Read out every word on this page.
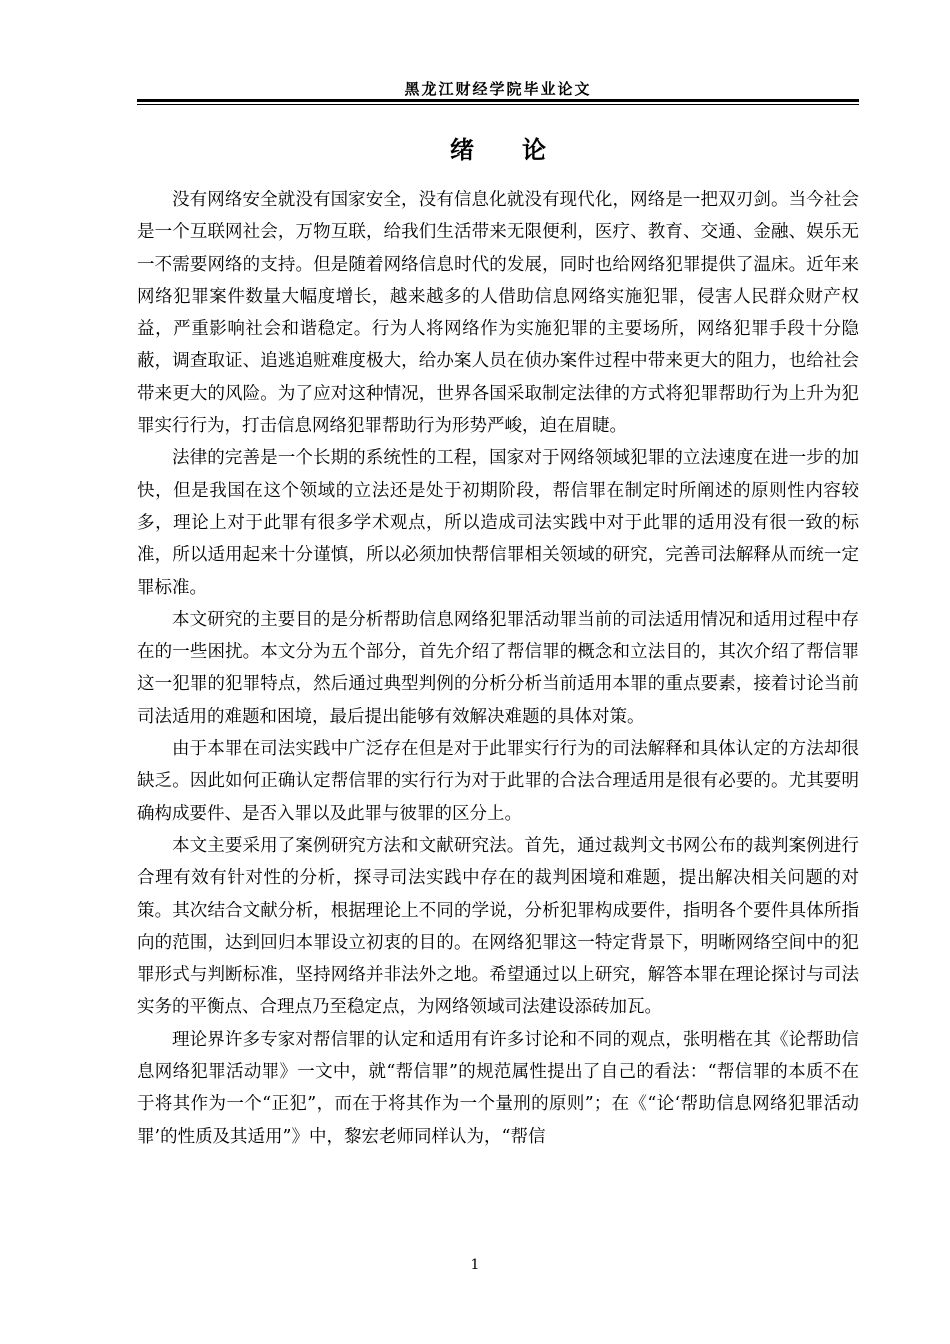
黑龙江财经学院毕业论文
绪　　论

没有网络安全就没有国家安全，没有信息化就没有现代化，网络是一把双刃剑。当今社会是一个互联网社会，万物互联，给我们生活带来无限便利，医疗、教育、交通、金融、娱乐无一不需要网络的支持。但是随着网络信息时代的发展，同时也给网络犯罪提供了温床。近年来网络犯罪案件数量大幅度增长，越来越多的人借助信息网络实施犯罪，侵害人民群众财产权益，严重影响社会和谐稳定。行为人将网络作为实施犯罪的主要场所，网络犯罪手段十分隐蔽，调查取证、追逃追赃难度极大，给办案人员在侦办案件过程中带来更大的阻力，也给社会带来更大的风险。为了应对这种情况，世界各国采取制定法律的方式将犯罪帮助行为上升为犯罪实行行为，打击信息网络犯罪帮助行为形势严峻，迫在眉睫。

法律的完善是一个长期的系统性的工程，国家对于网络领域犯罪的立法速度在进一步的加快，但是我国在这个领域的立法还是处于初期阶段，帮信罪在制定时所阐述的原则性内容较多，理论上对于此罪有很多学术观点，所以造成司法实践中对于此罪的适用没有很一致的标准，所以适用起来十分谨慎，所以必须加快帮信罪相关领域的研究，完善司法解释从而统一定罪标准。

本文研究的主要目的是分析帮助信息网络犯罪活动罪当前的司法适用情况和适用过程中存在的一些困扰。本文分为五个部分，首先介绍了帮信罪的概念和立法目的，其次介绍了帮信罪这一犯罪的犯罪特点，然后通过典型判例的分析分析当前适用本罪的重点要素，接着讨论当前司法适用的难题和困境，最后提出能够有效解决难题的具体对策。

由于本罪在司法实践中广泛存在但是对于此罪实行行为的司法解释和具体认定的方法却很缺乏。因此如何正确认定帮信罪的实行行为对于此罪的合法合理适用是很有必要的。尤其要明确构成要件、是否入罪以及此罪与彼罪的区分上。

本文主要采用了案例研究方法和文献研究法。首先，通过裁判文书网公布的裁判案例进行合理有效有针对性的分析，探寻司法实践中存在的裁判困境和难题，提出解决相关问题的对策。其次结合文献分析，根据理论上不同的学说，分析犯罪构成要件，指明各个要件具体所指向的范围，达到回归本罪设立初衷的目的。在网络犯罪这一特定背景下，明晰网络空间中的犯罪形式与判断标准，坚持网络并非法外之地。希望通过以上研究，解答本罪在理论探讨与司法实务的平衡点、合理点乃至稳定点，为网络领域司法建设添砖加瓦。

理论界许多专家对帮信罪的认定和适用有许多讨论和不同的观点，张明楷在其《论帮助信息网络犯罪活动罪》一文中，就“帮信罪”的规范属性提出了自己的看法：“帮信罪的本质不在于将其作为一个“正犯”，而在于将其作为一个量刑的原则”；在《“论‘帮助信息网络犯罪活动罪’的性质及其适用”》中，黎宏老师同样认为，“帮信

1
